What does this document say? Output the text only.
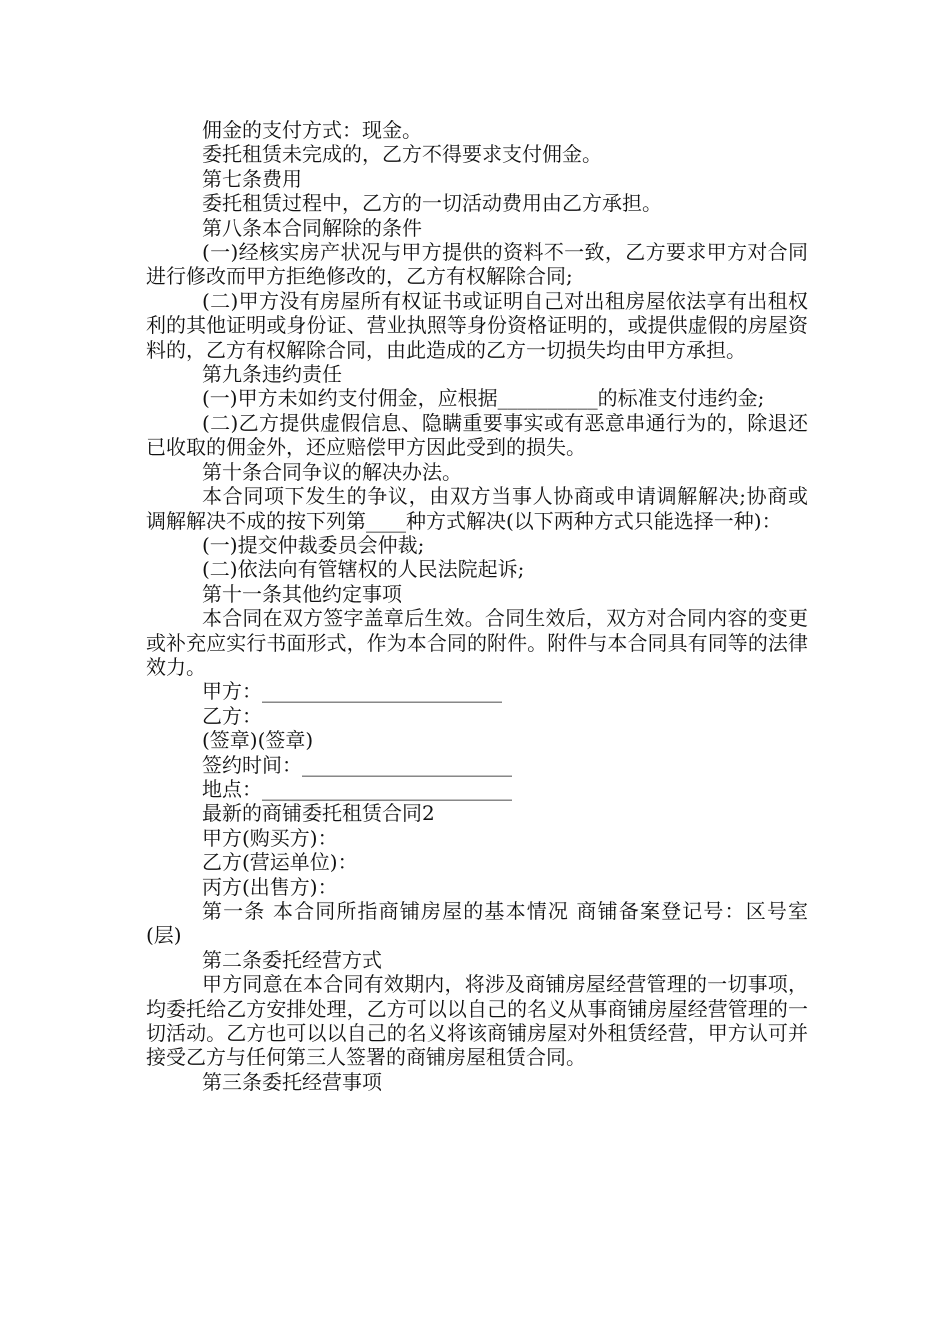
佣金的支付方式：现金。

委托租赁未完成的，乙方不得要求支付佣金。

第七条费用

委托租赁过程中，乙方的一切活动费用由乙方承担。

第八条本合同解除的条件

(一)经核实房产状况与甲方提供的资料不一致，乙方要求甲方对合同进行修改而甲方拒绝修改的，乙方有权解除合同;

(二)甲方没有房屋所有权证书或证明自己对出租房屋依法享有出租权利的其他证明或身份证、营业执照等身份资格证明的，或提供虚假的房屋资料的，乙方有权解除合同，由此造成的乙方一切损失均由甲方承担。

第九条违约责任

(一)甲方未如约支付佣金，应根据__________的标准支付违约金;

(二)乙方提供虚假信息、隐瞒重要事实或有恶意串通行为的，除退还已收取的佣金外，还应赔偿甲方因此受到的损失。

第十条合同争议的解决办法。

本合同项下发生的争议，由双方当事人协商或申请调解解决;协商或调解解决不成的按下列第____种方式解决(以下两种方式只能选择一种)：

(一)提交仲裁委员会仲裁;

(二)依法向有管辖权的人民法院起诉;

第十一条其他约定事项

本合同在双方签字盖章后生效。合同生效后，双方对合同内容的变更或补充应实行书面形式，作为本合同的附件。附件与本合同具有同等的法律效力。

甲方：________________________

乙方：

(签章)(签章)

签约时间：_____________________

地点：_________________________

最新的商铺委托租赁合同2

甲方(购买方)：

乙方(营运单位)：

丙方(出售方)：

第一条 本合同所指商铺房屋的基本情况 商铺备案登记号：区号室(层)

第二条委托经营方式

甲方同意在本合同有效期内，将涉及商铺房屋经营管理的一切事项，均委托给乙方安排处理，乙方可以以自己的名义从事商铺房屋经营管理的一切活动。乙方也可以以自己的名义将该商铺房屋对外租赁经营，甲方认可并接受乙方与任何第三人签署的商铺房屋租赁合同。

第三条委托经营事项
